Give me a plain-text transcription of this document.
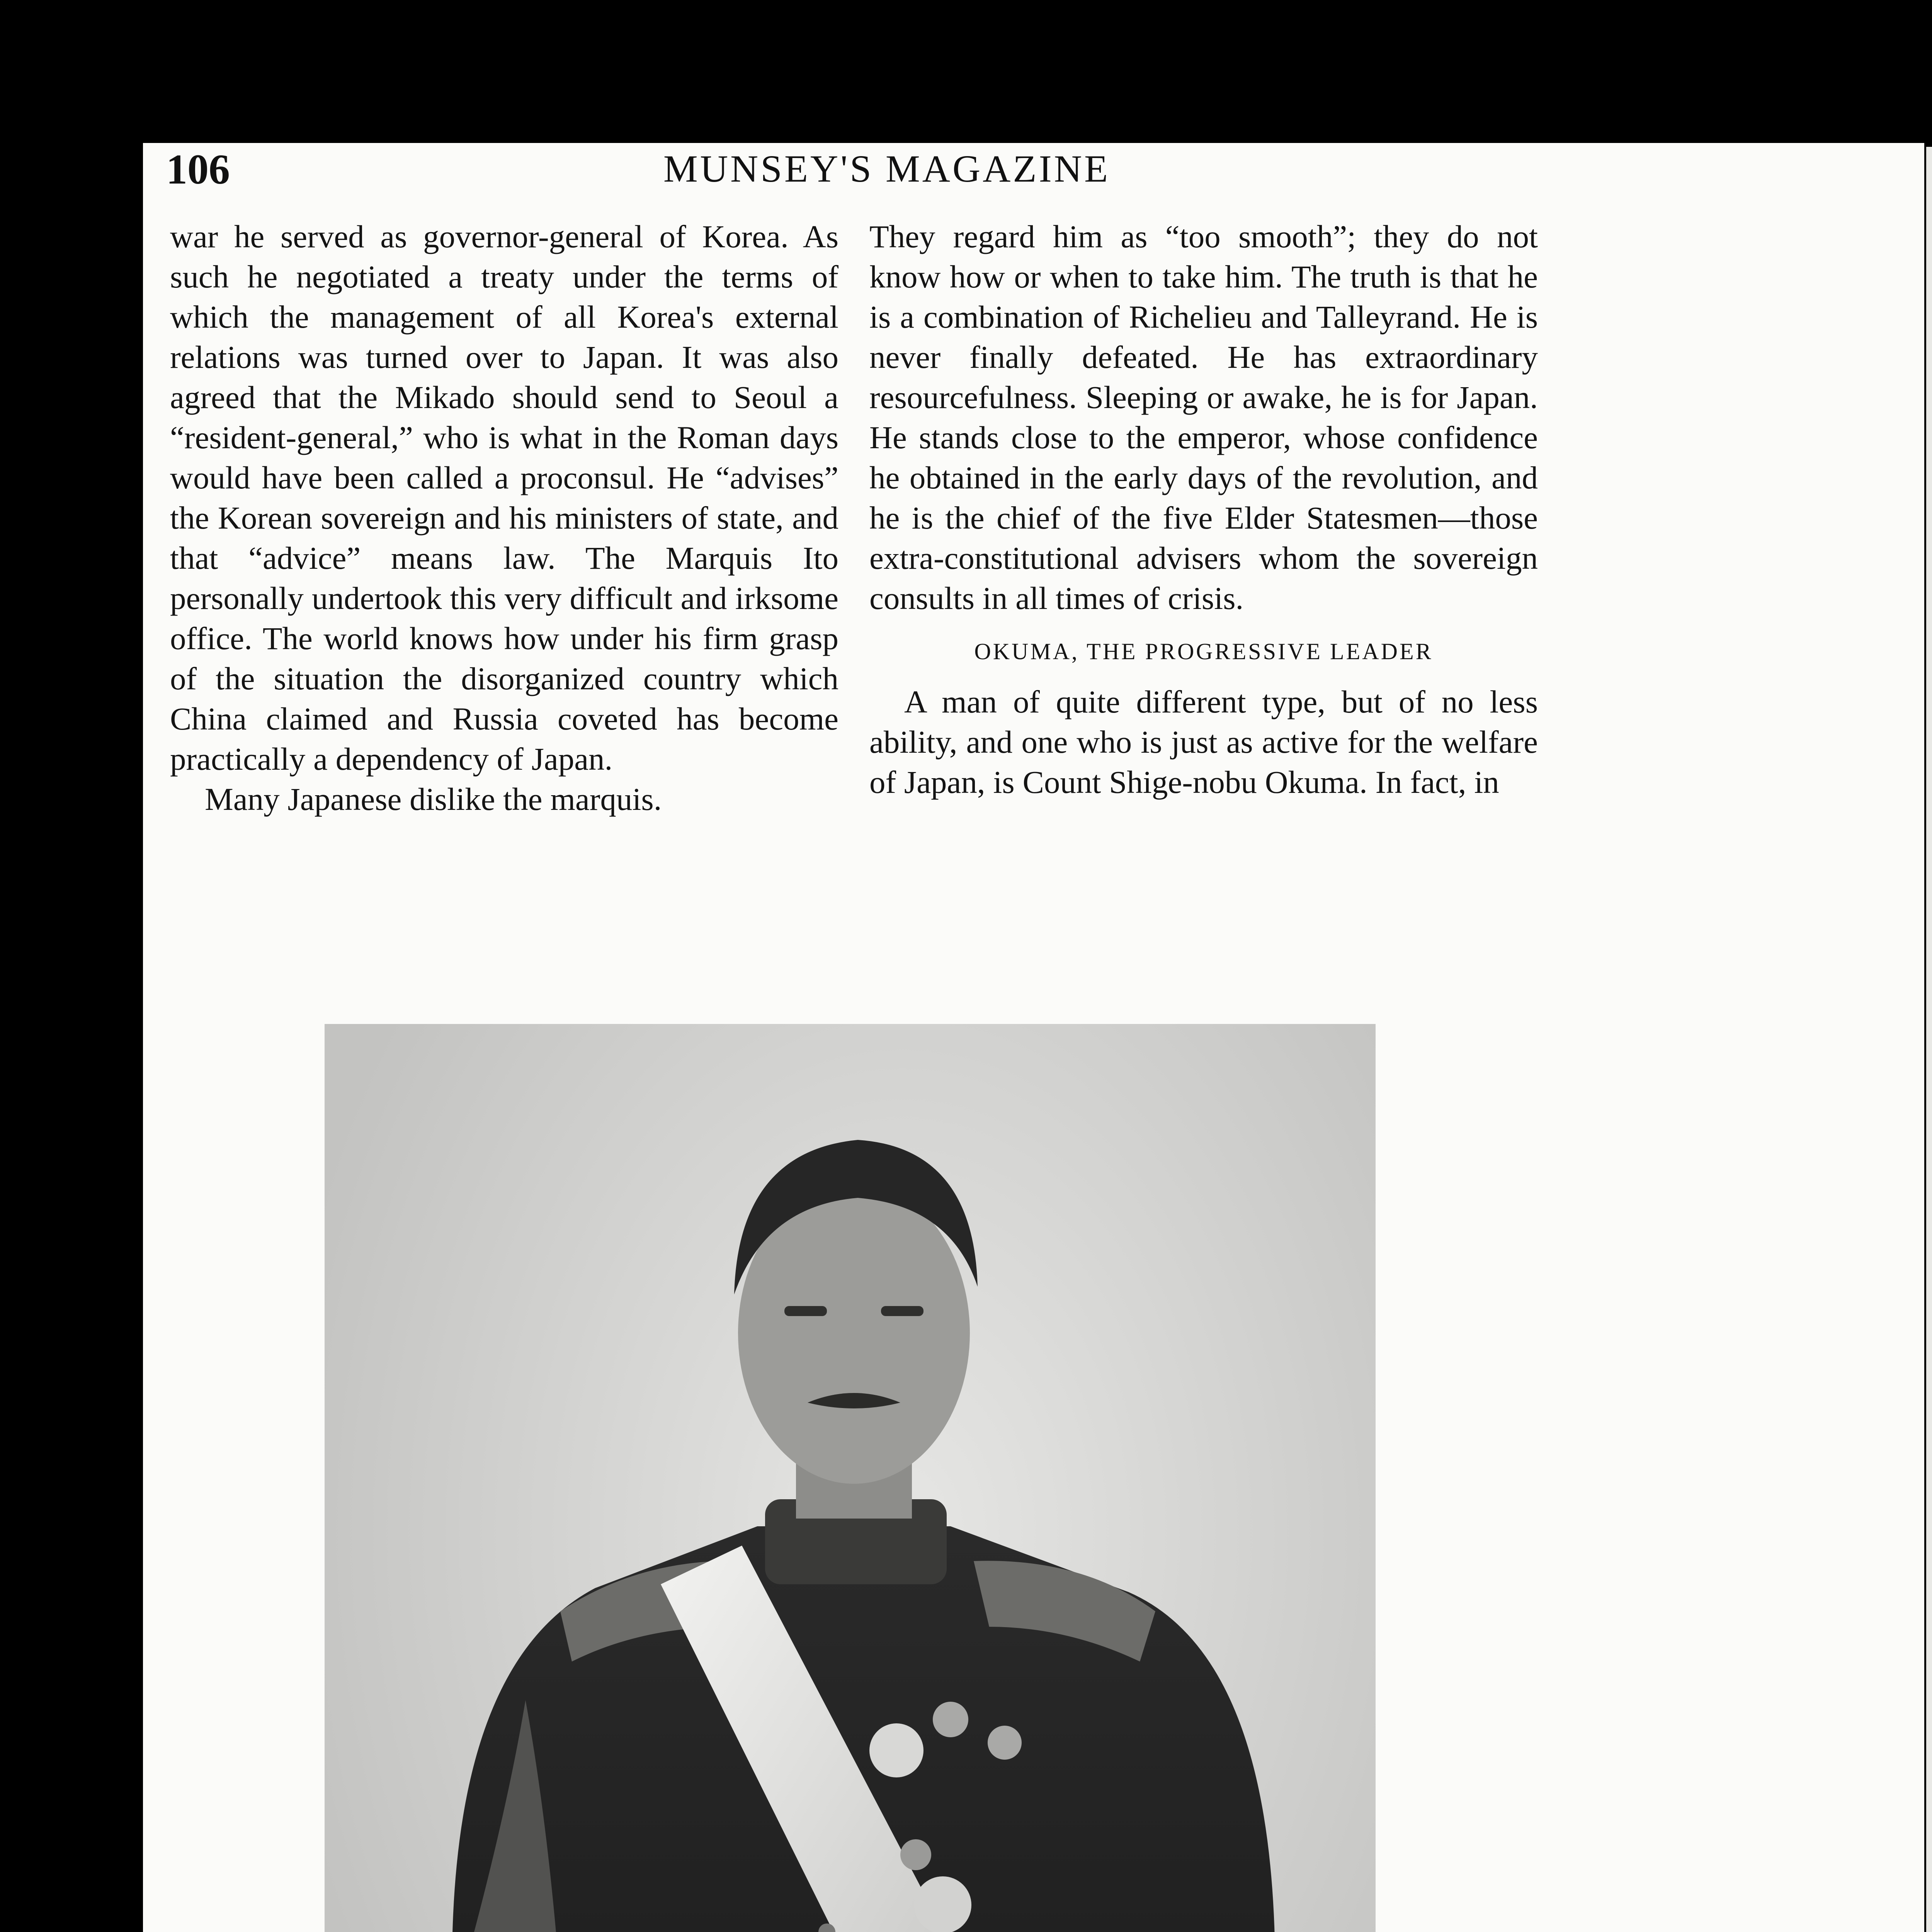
106	MUNSEY'S MAGAZINE

war he served as governor-general of Korea. As such he negotiated a treaty under the terms of which the management of all Korea's external relations was turned over to Japan. It was also agreed that the Mikado should send to Seoul a “resident-general,” who is what in the Roman days would have been called a proconsul. He “advises” the Korean sovereign and his ministers of state, and that “advice” means law. The Marquis Ito personally undertook this very difficult and irksome office. The world knows how under his firm grasp of the situation the disorganized country which China claimed and Russia coveted has become practically a dependency of Japan.

Many Japanese dislike the marquis.

They regard him as “too smooth”; they do not know how or when to take him. The truth is that he is a combination of Richelieu and Talleyrand. He is never finally defeated. He has extraordinary resourcefulness. Sleeping or awake, he is for Japan. He stands close to the emperor, whose confidence he obtained in the early days of the revolution, and he is the chief of the five Elder Statesmen—those extra-constitutional advisers whom the sovereign consults in all times of crisis.

OKUMA, THE PROGRESSIVE LEADER

A man of quite different type, but of no less ability, and one who is just as active for the welfare of Japan, is Count Shige-nobu Okuma. In fact, in
